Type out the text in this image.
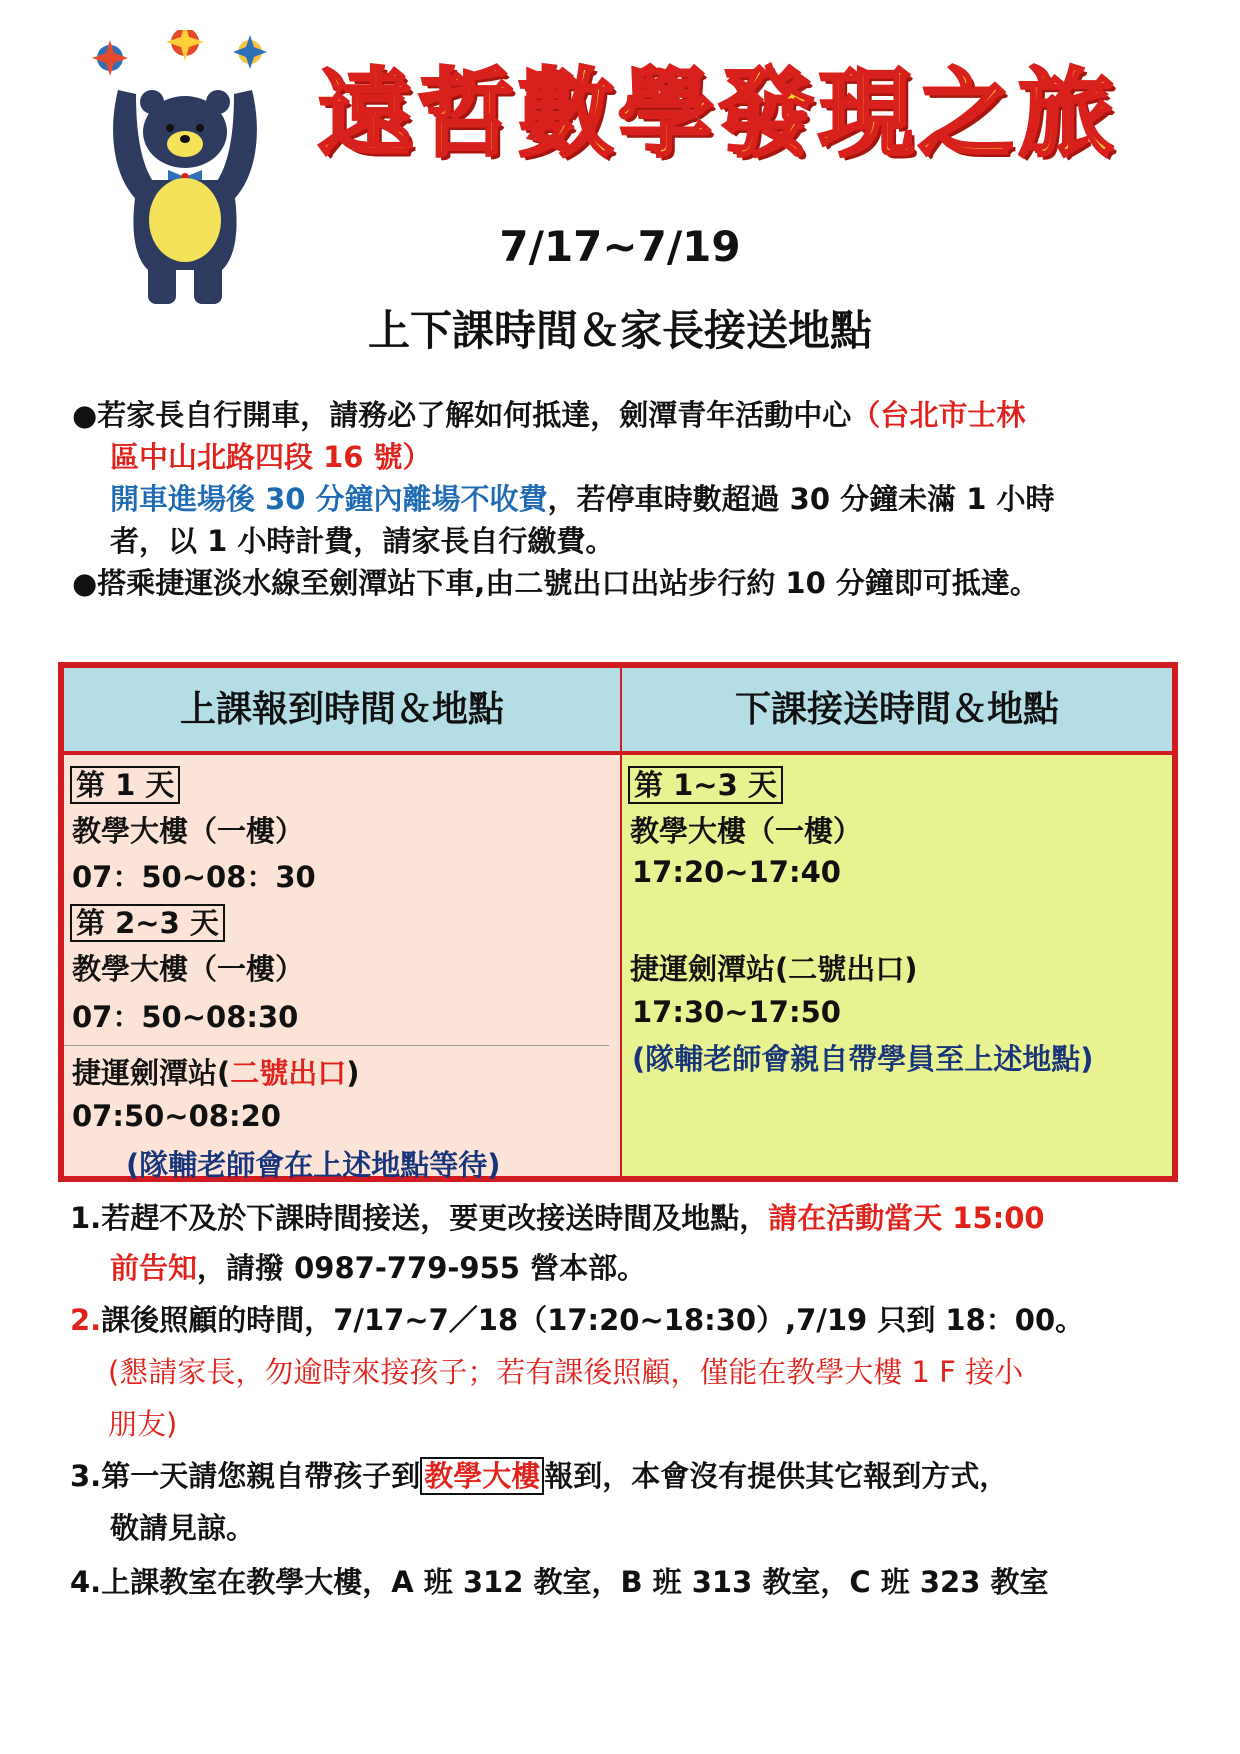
遠哲數學發現之旅
7/17~7/19
上下課時間＆家長接送地點
●若家長自行開車，請務必了解如何抵達，劍潭青年活動中心（台北市士林
區中山北路四段 16 號）
開車進場後 30 分鐘內離場不收費，若停車時數超過 30 分鐘未滿 1 小時
者，以 1 小時計費，請家長自行繳費。
●搭乘捷運淡水線至劍潭站下車,由二號出口出站步行約 10 分鐘即可抵達。
上課報到時間＆地點	下課接送時間＆地點
第 1 天
教學大樓（一樓）
07：50~08：30
第 2~3 天
教學大樓（一樓）
07：50~08:30
捷運劍潭站(二號出口)
07:50~08:20
(隊輔老師會在上述地點等待)
第 1~3 天
教學大樓（一樓）
17:20~17:40
捷運劍潭站(二號出口)
17:30~17:50
(隊輔老師會親自帶學員至上述地點)
1.若趕不及於下課時間接送，要更改接送時間及地點，請在活動當天 15:00
前告知，請撥 0987-779-955 營本部。
2.課後照顧的時間，7/17~7／18（17:20~18:30）,7/19 只到 18：00。
(懇請家長，勿逾時來接孩子；若有課後照顧，僅能在教學大樓 1 F 接小
朋友)
3.第一天請您親自帶孩子到 教學大樓 報到，本會沒有提供其它報到方式，
敬請見諒。
4.上課教室在教學大樓，A 班 312 教室，B 班 313 教室，C 班 323 教室
